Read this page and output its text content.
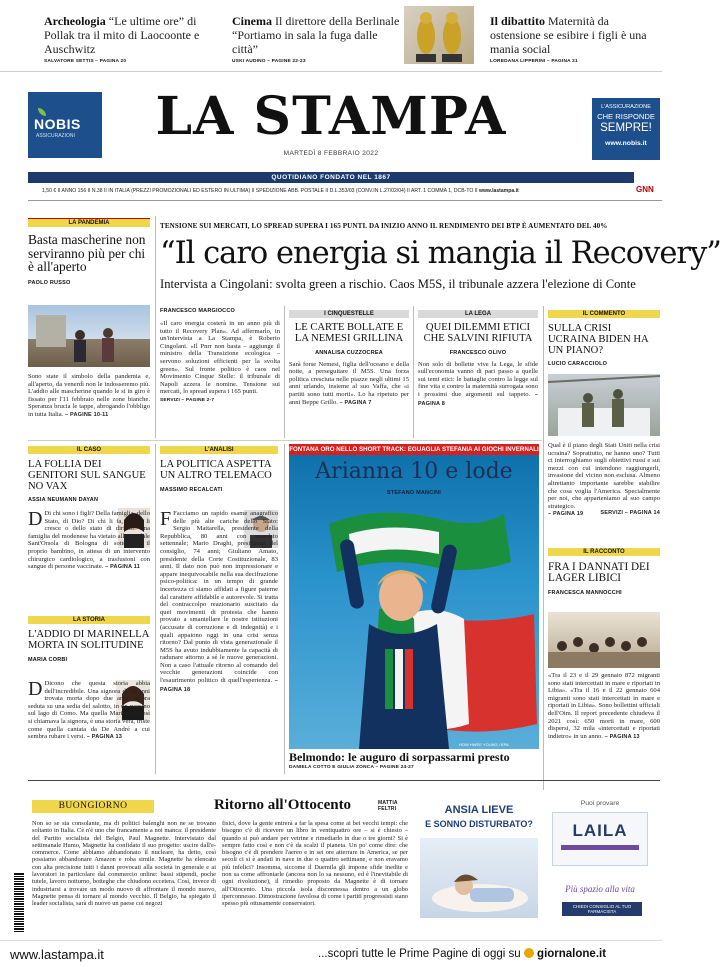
Archeologia “Le ultime ore” di Pollak tra il mito di Laocoonte e Auschwitz
SALVATORE SETTIS – PAGINA 20
Cinema Il direttore della Berlinale “Portiamo in sala la fuga dalle città”
USKI AUDINO – PAGINE 22-23
Il dibattito Maternità da ostensione se esibire i figli è una mania social
LOREDANA LIPPERINI – PAGINA 21
NOBIS
ASSICURAZIONI LA STAMPA
MARTEDÌ 8 FEBBRAIO 2022
L'ASSICURAZIONE
CHE RISPONDE
SEMPRE!
www.nobis.it
QUOTIDIANO FONDATO NEL 1867
1,50 € II ANNO 156 II N.38 II IN ITALIA (PREZZI PROMOZIONALI ED ESTERO IN ULTIMA) II SPEDIZIONE ABB. POSTALE II D.L.353/03 (CONV.IN L.27/02/04) II ART. 1 COMMA 1, DCB-TO II www.lastampa.it	GNN
LA PANDEMIA
Basta mascherine non serviranno più per chi è all'aperto
PAOLO RUSSO
Sono state il simbolo della pandemia e, all'aperto, da venerdì non le indosseremo più. L'addio alle mascherine quando le si in giro è fissato per l'11 febbraio nelle zone bianche. Speranza brucia le tappe, abrogando l'obbligo in tutta Italia. – PAGINE 10-11
TENSIONE SUI MERCATI, LO SPREAD SUPERA I 165 PUNTI. DA INIZIO ANNO IL RENDIMENTO DEI BTP È AUMENTATO DEL 40%
“Il caro energia si mangia il Recovery”
Intervista a Cingolani: svolta green a rischio. Caos M5S, il tribunale azzera l'elezione di Conte
FRANCESCO MARGIOCCO
«Il caro energia costerà in un anno più di tutto il Recovery Plan». Ad affermarlo, in un'intervista a La Stampa, è Roberto Cingolani. «Il Pnrr non basta – aggiunge il ministro della Transizione ecologica – servono soluzioni efficienti per la svolta green». Sul fronte politico è caos nel Movimento Cinque Stelle: il tribunale di Napoli azzera le nomine. Tensione sui mercati, lo spread supera i 165 punti.
SERVIZI – PAGINE 2-7
I CINQUESTELLE
LE CARTE BOLLATE E LA NEMESI GRILLINA
ANNALISA CUZZOCREA
Sarà forse Nemesi, figlia dell'oceano e della notte, a perseguitare il M5S. Una forza politica cresciuta nelle piazze negli ultimi 15 anni urlando, insieme al suo Vaffa, che «i partiti sono tutti morti». Lo ha ripetuto per anni Beppe Grillo. – PAGINA 7
LA LEGA
QUEI DILEMMI ETICI CHE SALVINI RIFIUTA
FRANCESCO OLIVO
Non solo di bollette vive la Lega, le sfide sull'economia vanno di pari passo a quelle sui temi etici: le battaglie contro la legge sul fine vita e contro la maternità surrogata sono i prossimi due argomenti sul tappeto. – PAGINA 8
IL COMMENTO
SULLA CRISI UCRAINA BIDEN HA UN PIANO?
LUCIO CARACCIOLO
Qual è il piano degli Stati Uniti nella crisi ucraina? Soprattutto, ne hanno uno? Tutti ci interroghiamo sugli obiettivi russi e sui mezzi con cui intendono raggiungerli, invasione del vicino non esclusa. Almeno altrettanto importante sarebbe stabilire che cosa voglia l'America. Specialmente per noi, che apparteniamo al suo campo strategico.
– PAGINA 19	SERVIZI – PAGINA 14
IL CASO
LA FOLLIA DEI GENITORI SUL SANGUE NO VAX
ASSIA NEUMANN DAYAN
D Di chi sono i figli? Della famiglia, dello Stato, di Dio? Di chi li fa, di chi li cresce o dello stato di diritto? Una famiglia del modenese ha vietato all'Ospedale Sant'Orsola di Bologna di sottoporre il proprio bambino, in attesa di un intervento chirurgico cardiologico, a trasfusioni con sangue di persone vaccinate. – PAGINA 11
LA STORIA
L'ADDIO DI MARINELLA MORTA IN SOLITUDINE
MARIA CORBI
D Dicono che questa storia abbia dell'incredibile. Una signora di 70 anni trovata morta dopo due anni ancora seduta su una sedia del salotto, in un paesino sul lago di Como. Ma quella Marinella, così si chiamava la signora, è una storia vera, triste come quella cantata da De André a cui sembra rubare i versi. – PAGINA 13
L'ANALISI
LA POLITICA ASPETTA UN ALTRO TELEMACO
MASSIMO RECALCATI
F Facciamo un rapido esame anagrafico delle più alte cariche dello Stato: Sergio Mattarella, presidente della Repubblica, 80 anni con mandato settennale; Mario Draghi, presidenza del consiglio, 74 anni; Giuliano Amato, presidente della Corte Costituzionale, 83 anni. Il dato non può non impressionare e appare inequivocabile nella sua decifrazione psico-politica: in un tempo di grande incertezza ci siamo affidati a figure paterne dal carattere affidabile e autorevole. Si tratta del contraccolpo reazionario suscitato da quei movimenti di protesta che hanno provato a smantellare le nostre istituzioni (accusate di corruzione e di indegnità) e i quali appaiono oggi in una crisi senza ritorno? Dal punto di vista generazionale il M5S ha avuto indubbiamente la capacità di radunare attorno a sé le nuove generazioni. Non a caso l'attuale ritorno al comando del vecchie generazioni coincide con l'esaurimento politico di quell'esperienza. – PAGINA 18
FONTANA ORO NELLO SHORT TRACK: EGUAGLIA STEFANIA AI GIOCHI INVERNALI
Arianna 10 e lode
STEFANO MANCINI
HOW HWEE YOUNG / EPA
Belmondo: le auguro di sorpassarmi presto
DANIELA COTTO E GIULIA ZONCA – PAGINE 24-27
IL RACCONTO
FRA I DANNATI DEI LAGER LIBICI
FRANCESCA MANNOCCHI
«Tra il 23 e il 29 gennaio 872 migranti sono stati intercettati in mare e riportati in Libia». «Tra il 16 e il 22 gennaio 604 migranti sono stati intercettati in mare e riportati in Libia». Sono bollettini ufficiali dell'Oim. Il report precedente chiudeva il 2021 così: 650 morti in mare, 600 dispersi, 32 mila «intercettati e riportati indietro» in un anno. – PAGINA 13
BUONGIORNO	Ritorno all'Ottocento	MATTIA FELTRI
Non so se sia consolante, ma di politici balenghi non ne se trovano soltanto in Italia. Cè n'è uno che francamente a noi manca: il presidente del Partito socialista del Belgio, Paul Magnette. Intervistato dal settimanale Humo, Magnette ha confidato il suo progetto: uscire dall'e-commerce. Come abbiamo abbandonato il nucleare, ha detto, così possiamo abbandonare Amazon e roba simile. Magnette ha elencato con alta precisione tutti i danni provocati alla società in generale e ai lavoratori in particolare dal commercio online: bassi stipendi, poche tutele, lavoro notturno, botteghe che chiudono eccetera. Così, invece di industriarsi a trovare un modo nuovo di affrontare il mondo nuovo, Magnette pensa di tornare al mondo vecchio. Il Belgio, ha spiegato il leader socialista, sarà di nuovo un paese coi negozi
fisici, dove la gente entrerà a far la spesa come ai bei vecchi tempi: che bisogno c'è di ricevere un libro in ventiquattro ore – si è chiesto – quando si può andare per vetrine e rimediarlo in due o tre giorni? Si è sempre fatto così e non c'è da scalzi il pianeta. Un po' come dire: che bisogno c'è di prendere l'aereo e in sei ore atterrare in America, se per secoli ci si è andati in nave in due o quattro settimane, e non eravamo più infelici? Insomma, siccome il Duemila gli impone sfide inedite e non sa come affrontarle (ancora non lo sa nessuno, ed è l'inevitabile di ogni rivoluzione), il rimedio proposto da Magnette è di tornare all'Ottocento. Una piccola isola disconnessa dentro a un globo iperconnesso. Dimostrazione favolosa di come i partiti progressisti siano spesso più ottusamente conservatori.
ANSIA LIEVE
E SONNO DISTURBATO?
Puoi provare
LAILA
Più spazio alla vita
CHIEDI CONSIGLIO AL TUO FARMACISTA
www.lastampa.it	...scopri tutte le Prime Pagine di oggi su giornalone.it
